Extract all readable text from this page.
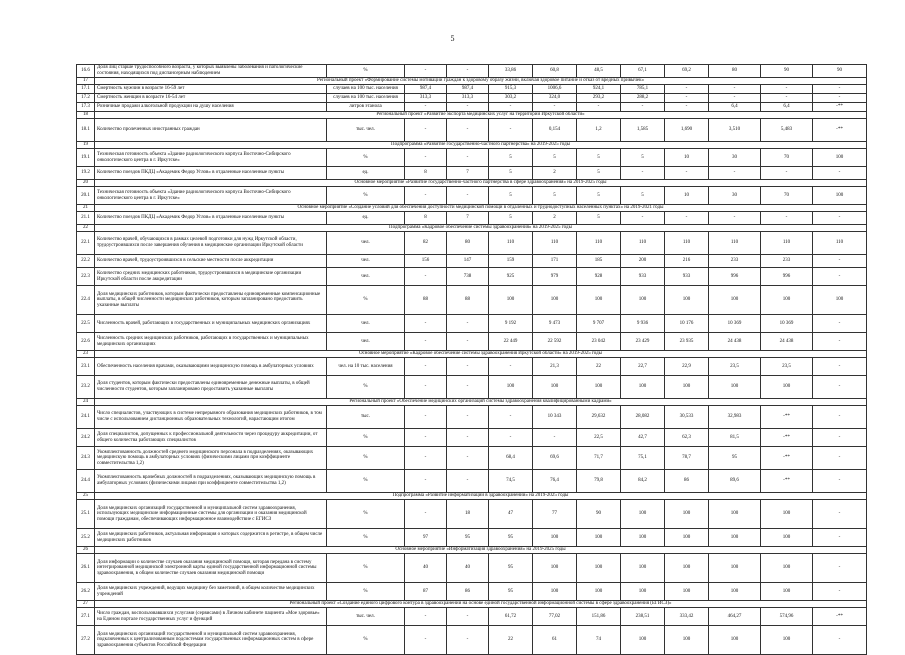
5
16.6	Доля лиц старше трудоспособного возраста, у которых выявлены заболевания и патологические состояния, находящихся под диспансерным наблюдением	%	-	-	33,86	60,8	48,5	67,1	69,2	80	90	90
17	Региональный проект «Формирование системы мотивации граждан к здоровому образу жизни, включая здоровое питание и отказ от вредных привычек»											
17.1	Смертность мужчин в возрасте 16-59 лет	случаев на 100 тыс. населения	987,4	987,4	915,3	1006,6	924,1	785,1	-	-	-	-
17.2	Смертность женщин в возрасте 16-54 лет	случаев на 100 тыс. населения	313,3	313,3	303,2	324,0	293,2	288,2	-	-	-	-
17.3	Розничные продажи алкогольной продукции на душу населения	литров этанола	-	-	-	-	-	-	-	6,4	6,4	-**
18	Региональный проект «Развитие экспорта медицинских услуг на территории Иркутской области»											
18.1	Количество пролеченных иностранных граждан	тыс. чел.	-	-	-	0,154	1,2	1,585	1,690	3,510	5,483	-**
19	Подпрограмма «Развитие государственно-частного партнерства» на 2019-2025 годы											
19.1	Техническая готовность объекта «Здание радиологического корпуса Восточно-Сибирского онкологического центра в г. Иркутске»	%	-	-	5	5	5	5	10	30	70	100
19.2	Количество поездов ПКДЦ «Академик Федор Углов» в отдаленные населенные пункты	ед.	8	7	5	2	5	-	-	-	-	-
20	Основное мероприятие «Развитие государственно-частного партнерства в сфере здравоохранения» на 2019-2025 годы											
20.1	Техническая готовность объекта «Здание радиологического корпуса Восточно-Сибирского онкологического центра в г. Иркутске»	%	-	-	5	5	5	5	10	30	70	100
21	Основное мероприятие «Создание условий для обеспечения доступности медицинской помощи в отдаленных и труднодоступных населенных пунктах» на 2019-2021 годы											
21.1	Количество поездов ПКДЦ «Академик Федор Углов» в отдаленные населенные пункты	ед.	8	7	5	2	5	-	-	-	-	-
22	Подпрограмма «Кадровое обеспечение системы здравоохранения» на 2019-2025 годы											
22.1	Количество врачей, обучающихся в рамках целевой подготовки для нужд Иркутской области, трудоустроившихся после завершения обучения в медицинские организации Иркутской области	чел.	82	80	110	110	110	110	110	110	110	110
22.2	Количество врачей, трудоустроившихся в сельские местности после аккредитации	чел.	156	147	159	171	185	200	216	233	233	-
22.3	Количество средних медицинских работников, трудоустроившихся в медицинские организации Иркутской области после аккредитации	чел.	-	738	925	979	928	933	933	996	996	-
22.4	Доля медицинских работников, которым фактически предоставлены единовременные компенсационные выплаты, в общей численности медицинских работников, которым запланировано предоставить указанные выплаты	%	88	88	100	100	100	100	100	100	100	100
22.5	Численность врачей, работающих в государственных и муниципальных медицинских организациях	чел.	-	-	9 192	9 473	9 707	9 936	10 176	10 369	10 369	-
22.6	Численность средних медицинских работников, работающих в государственных и муниципальных медицинских организациях	чел.	-	-	22 449	22 592	23 042	23 429	23 935	24 438	24 438	-
23	Основное мероприятие «Кадровое обеспечение системы здравоохранения Иркутской области» на 2019-2025 годы											
23.1	Обеспеченность населения врачами, оказывающими медицинскую помощь в амбулаторных условиях	чел. на 10 тыс. населения	-	-	-	21,3	22	22,7	22,9	23,5	23,5	-
23.2	Доля студентов, которым фактически предоставлены единовременные денежные выплаты, в общей численности студентов, которым запланировано предоставить указанные выплаты	%	-	-	100	100	100	100	100	100	100	-
24	Региональный проект «Обеспечение медицинских организаций системы здравоохранения квалифицированными кадрами»											
24.1	Число специалистов, участвующих в системе непрерывного образования медицинских работников, в том числе с использованием дистанционных образовательных технологий, нарастающим итогом	тыс.	-	-	-	10 343	29,632	28,082	30,533	32,983	-**	-
24.2	Доля специалистов, допущенных к профессиональной деятельности через процедуру аккредитации, от общего количества работающих специалистов	%	-	-	-	-	22,5	42,7	62,3	81,5	-**	-
24.3	Укомплектованность должностей среднего медицинского персонала в подразделениях, оказывающих медицинскую помощь в амбулаторных условиях (физическими лицами при коэффициенте совместительства 1,2)	%	-	-	68,4	69,6	71,7	75,1	78,7	95	-**	-
24.4	Укомплектованность врачебных должностей в подразделениях, оказывающих медицинскую помощь в амбулаторных условиях (физическими лицами при коэффициенте совместительства 1,2)	%	-	-	74,5	76,4	79,8	84,2	86	89,6	-**	-
25	Подпрограмма «Развитие информатизации в здравоохранении» на 2019-2025 годы											
25.1	Доля медицинских организаций государственной и муниципальной систем здравоохранения, использующих медицинские информационные системы для организации и оказания медицинской помощи гражданам, обеспечивающих информационное взаимодействие с ЕГИСЗ	%	-	18	47	77	90	100	100	100	100	-
25.2	Доля медицинских работников, актуальная информация о которых содержится в регистре, в общем числе медицинских работников	%	97	95	95	100	100	100	100	100	100	-
26	Основное мероприятие «Информатизация здравоохранения» на 2019-2025 годы											
26.1	Доля информации о количестве случаев оказания медицинской помощи, которая передана в систему интегрированной медицинской электронной карты единой государственной информационной системы здравоохранения, в общем количестве случаев оказания медицинской помощи	%	40	40	95	100	100	100	100	100	100	-
26.2	Доля медицинских учреждений, ведущих медицину без заметиний, в общем количестве медицинских учреждений	%	87	86	95	100	100	100	100	100	100	-
27	Региональный проект «Создание единого цифрового контура в здравоохранении на основе единой государственной информационной системы в сфере здравоохранения (ЕГИСЗ)»											
27.1	Число граждан, воспользовавшихся услугами (сервисами) в Личном кабинете пациента «Мое здоровье» на Едином портале государственных услуг и функций	тыс. чел.	-	-	61,72	77,02	151,86	238,51	333,42	464,27	574,96	-**
27.2	Доля медицинских организаций государственной и муниципальной систем здравоохранения, подключенных к централизованным подсистемам государственных информационных систем в сфере здравоохранения субъектов Российской Федерации	%	-	-	22	61	74	100	100	100	100	-
